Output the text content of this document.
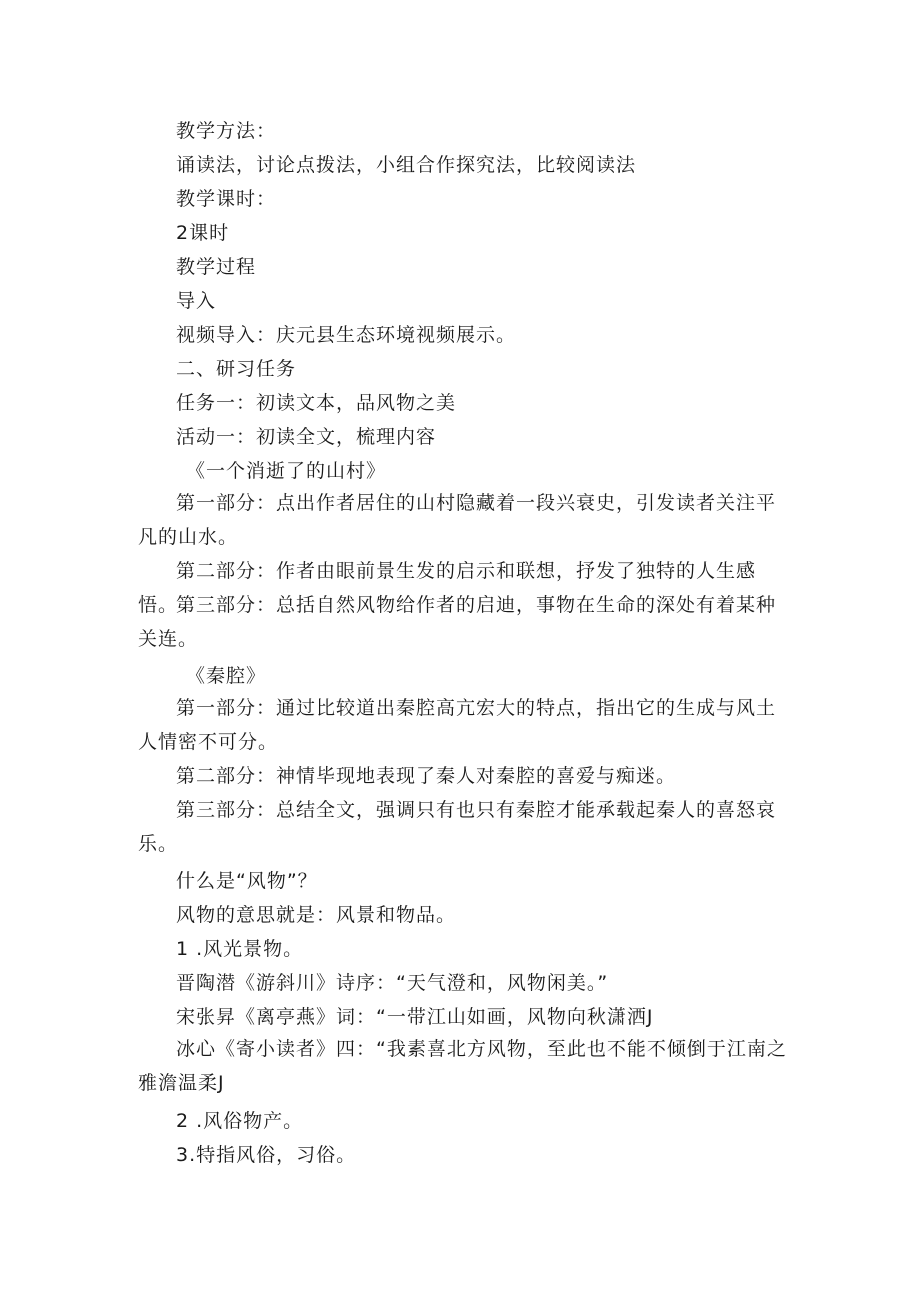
教学方法：
诵读法，讨论点拨法，小组合作探究法，比较阅读法
教学课时：
2课时
教学过程
导入
视频导入：庆元县生态环境视频展示。
二、研习任务
任务一：初读文本，品风物之美
活动一：初读全文，梳理内容
《一个消逝了的山村》
第一部分：点出作者居住的山村隐藏着一段兴衰史，引发读者关注平凡的山水。
第二部分：作者由眼前景生发的启示和联想，抒发了独特的人生感悟。
第三部分：总括自然风物给作者的启迪，事物在生命的深处有着某种关连。
《秦腔》
第一部分：通过比较道出秦腔高亢宏大的特点，指出它的生成与风土人情密不可分。
第二部分：神情毕现地表现了秦人对秦腔的喜爱与痴迷。
第三部分：总结全文，强调只有也只有秦腔才能承载起秦人的喜怒哀乐。
什么是“风物”？
风物的意思就是：风景和物品。
1 .风光景物。
晋陶潜《游斜川》诗序：“天气澄和，风物闲美。”
宋张昇《离亭燕》词：“一带江山如画，风物向秋潇洒J
冰心《寄小读者》四：“我素喜北方风物，至此也不能不倾倒于江南之雅澹温柔J
2 .风俗物产。
3.特指风俗，习俗。
